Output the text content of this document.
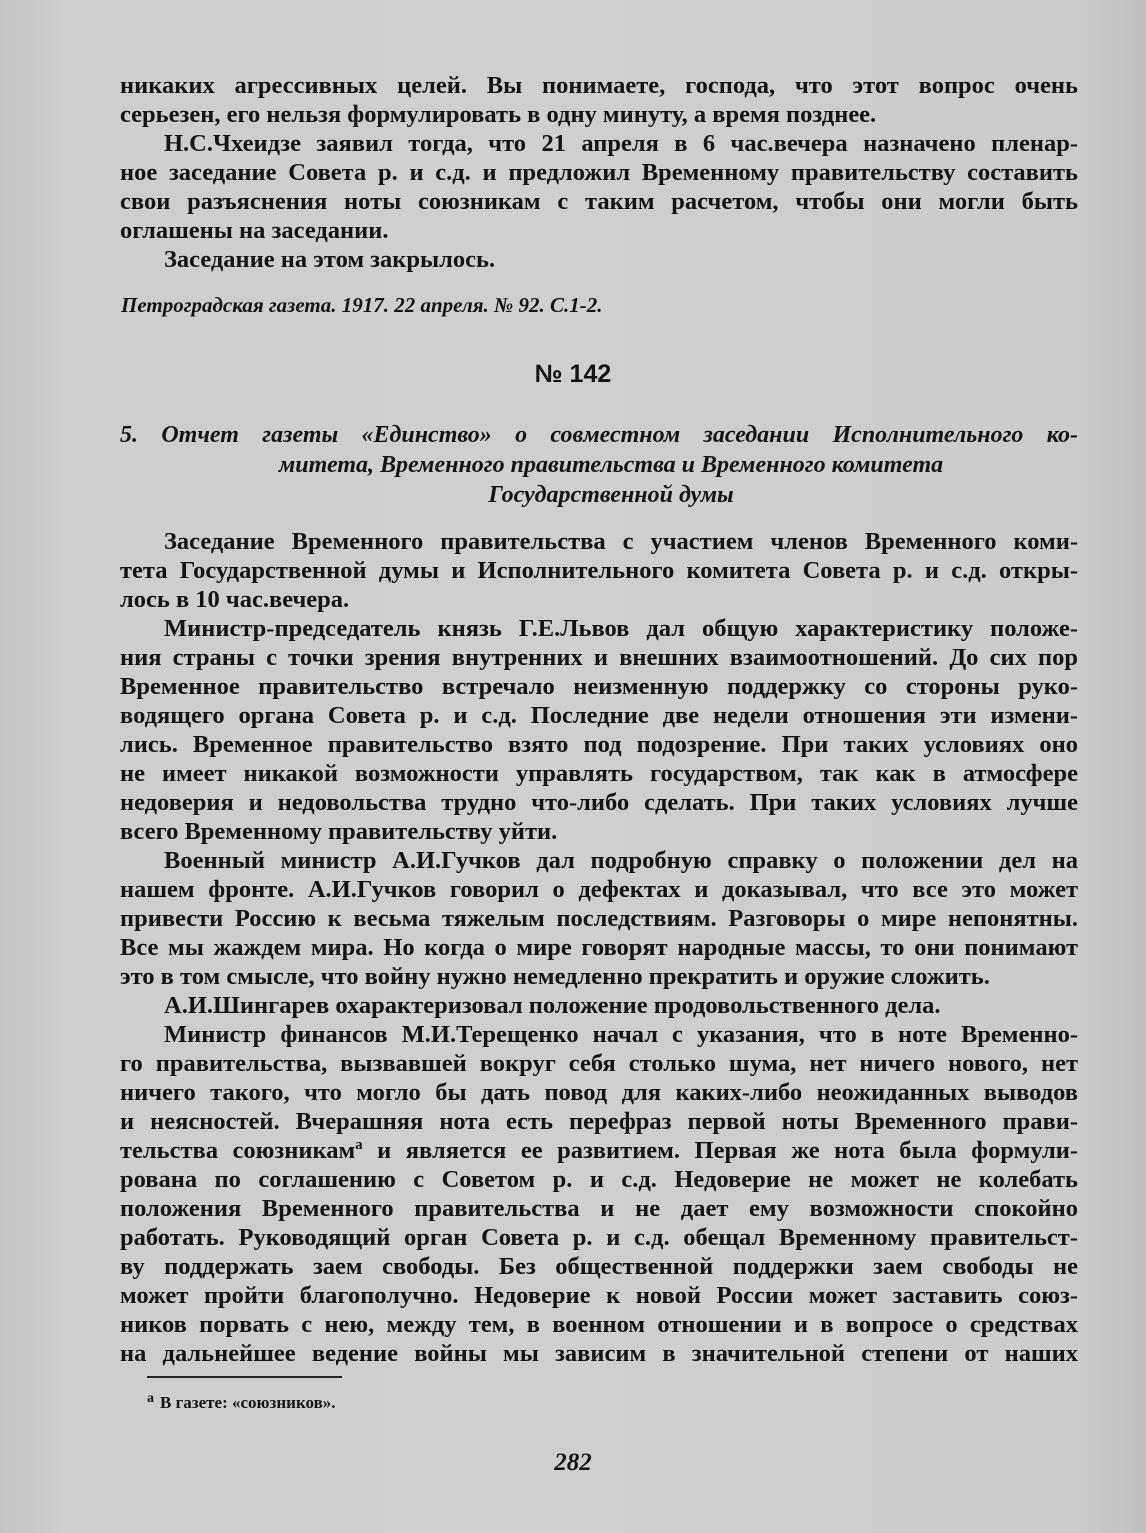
никаких агрессивных целей. Вы понимаете, господа, что этот вопрос очень
серьезен, его нельзя формулировать в одну минуту, а время позднее.
Н.С.Чхеидзе заявил тогда, что 21 апреля в 6 час.вечера назначено пленар-
ное заседание Совета р. и с.д. и предложил Временному правительству составить
свои разъяснения ноты союзникам с таким расчетом, чтобы они могли быть
оглашены на заседании.
Заседание на этом закрылось.
Петроградская газета. 1917. 22 апреля. № 92. С.1-2.
№ 142
5. Отчет газеты «Единство» о совместном заседании Исполнительного ко-
митета, Временного правительства и Временного комитета
Государственной думы
Заседание Временного правительства с участием членов Временного коми-
тета Государственной думы и Исполнительного комитета Совета р. и с.д. откры-
лось в 10 час.вечера.
Министр-председатель князь Г.Е.Львов дал общую характеристику положе-
ния страны с точки зрения внутренних и внешних взаимоотношений. До сих пор
Временное правительство встречало неизменную поддержку со стороны руко-
водящего органа Совета р. и с.д. Последние две недели отношения эти измени-
лись. Временное правительство взято под подозрение. При таких условиях оно
не имеет никакой возможности управлять государством, так как в атмосфере
недоверия и недовольства трудно что-либо сделать. При таких условиях лучше
всего Временному правительству уйти.
Военный министр А.И.Гучков дал подробную справку о положении дел на
нашем фронте. А.И.Гучков говорил о дефектах и доказывал, что все это может
привести Россию к весьма тяжелым последствиям. Разговоры о мире непонятны.
Все мы жаждем мира. Но когда о мире говорят народные массы, то они понимают
это в том смысле, что войну нужно немедленно прекратить и оружие сложить.
А.И.Шингарев охарактеризовал положение продовольственного дела.
Министр финансов М.И.Терещенко начал с указания, что в ноте Временно-
го правительства, вызвавшей вокруг себя столько шума, нет ничего нового, нет
ничего такого, что могло бы дать повод для каких-либо неожиданных выводов
и неясностей. Вчерашняя нота есть перефраз первой ноты Временного прави-
тельства союзникам$^а$ и является ее развитием. Первая же нота была формули-
рована по соглашению с Советом р. и с.д. Недоверие не может не колебать
положения Временного правительства и не дает ему возможности спокойно
работать. Руководящий орган Совета р. и с.д. обещал Временному правительст-
ву поддержать заем свободы. Без общественной поддержки заем свободы не
может пройти благополучно. Недоверие к новой России может заставить союз-
ников порвать с нею, между тем, в военном отношении и в вопросе о средствах
на дальнейшее ведение войны мы зависим в значительной степени от наших
$^а$ В газете: «союзников».
282
